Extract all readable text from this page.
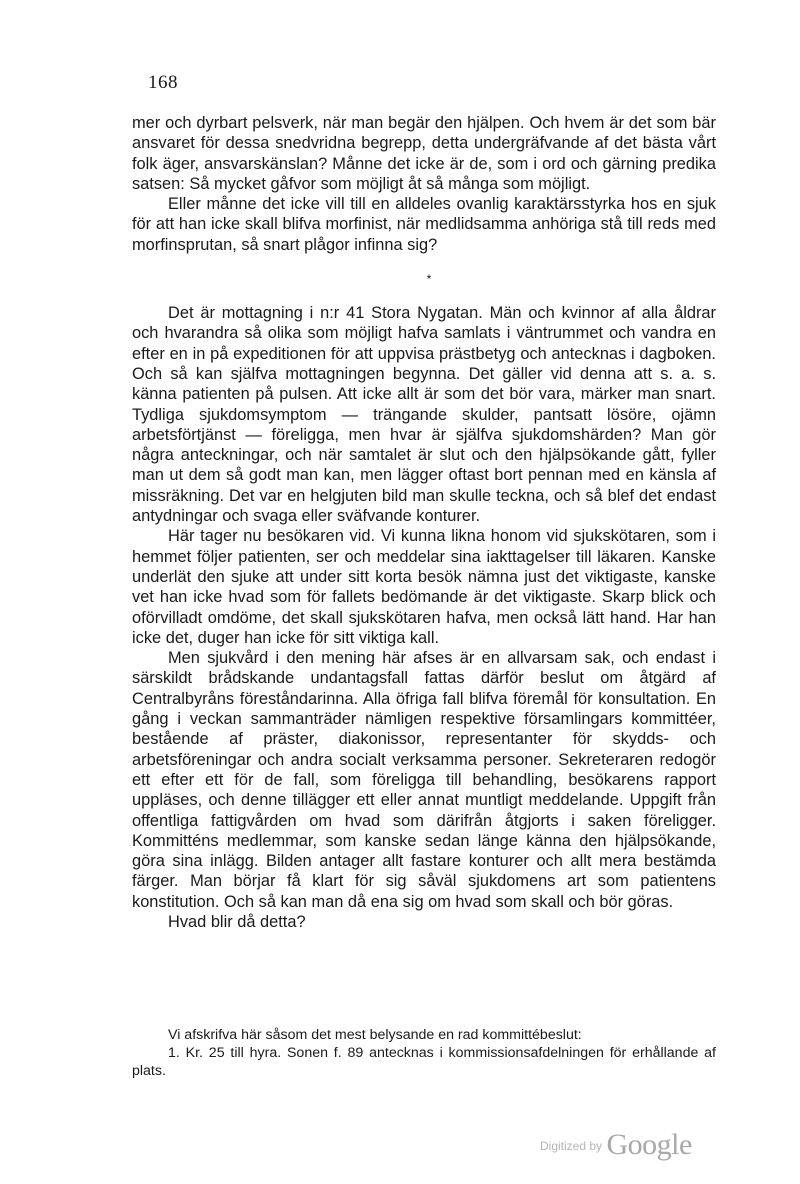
168

mer och dyrbart pelsverk, när man begär den hjälpen. Och hvem är det som bär ansvaret för dessa snedvridna begrepp, detta undergräfvande af det bästa vårt folk äger, ansvarskänslan? Månne det icke är de, som i ord och gärning predika satsen: Så mycket gåfvor som möjligt åt så många som möjligt.

Eller månne det icke vill till en alldeles ovanlig karaktärsstyrka hos en sjuk för att han icke skall blifva morfinist, när medlidsamma anhöriga stå till reds med morfinsprutan, så snart plågor infinna sig?

*

Det är mottagning i n:r 41 Stora Nygatan. Män och kvinnor af alla åldrar och hvarandra så olika som möjligt hafva samlats i väntrummet och vandra en efter en in på expeditionen för att uppvisa prästbetyg och antecknas i dagboken. Och så kan själfva mottagningen begynna. Det gäller vid denna att s. a. s. känna patienten på pulsen. Att icke allt är som det bör vara, märker man snart. Tydliga sjukdomsymptom — trängande skulder, pantsatt lösöre, ojämn arbetsförtjänst — föreligga, men hvar är själfva sjukdomshärden? Man gör några anteckningar, och när samtalet är slut och den hjälpsökande gått, fyller man ut dem så godt man kan, men lägger oftast bort pennan med en känsla af missräkning. Det var en helgjuten bild man skulle teckna, och så blef det endast antydningar och svaga eller sväfvande konturer.

Här tager nu besökaren vid. Vi kunna likna honom vid sjukskötaren, som i hemmet följer patienten, ser och meddelar sina iakttagelser till läkaren. Kanske underlät den sjuke att under sitt korta besök nämna just det viktigaste, kanske vet han icke hvad som för fallets bedömande är det viktigaste. Skarp blick och oförvilladt omdöme, det skall sjukskötaren hafva, men också lätt hand. Har han icke det, duger han icke för sitt viktiga kall.

Men sjukvård i den mening här afses är en allvarsam sak, och endast i särskildt brådskande undantagsfall fattas därför beslut om åtgärd af Centralbyråns föreståndarinna. Alla öfriga fall blifva föremål för konsultation. En gång i veckan sammanträder nämligen respektive församlingars kommittéer, bestående af präster, diakonissor, representanter för skydds- och arbetsföreningar och andra socialt verksamma personer. Sekreteraren redogör ett efter ett för de fall, som föreligga till behandling, besökarens rapport uppläses, och denne tillägger ett eller annat muntligt meddelande. Uppgift från offentliga fattigvården om hvad som därifrån åtgjorts i saken föreligger. Kommitténs medlemmar, som kanske sedan länge känna den hjälpsökande, göra sina inlägg. Bilden antager allt fastare konturer och allt mera bestämda färger. Man börjar få klart för sig såväl sjukdomens art som patientens konstitution. Och så kan man då ena sig om hvad som skall och bör göras.

Hvad blir då detta?

Vi afskrifva här såsom det mest belysande en rad kommittébeslut:

1. Kr. 25 till hyra. Sonen f. 89 antecknas i kommissionsafdelningen för erhållande af plats.

$^{Digitized by}$ Google
